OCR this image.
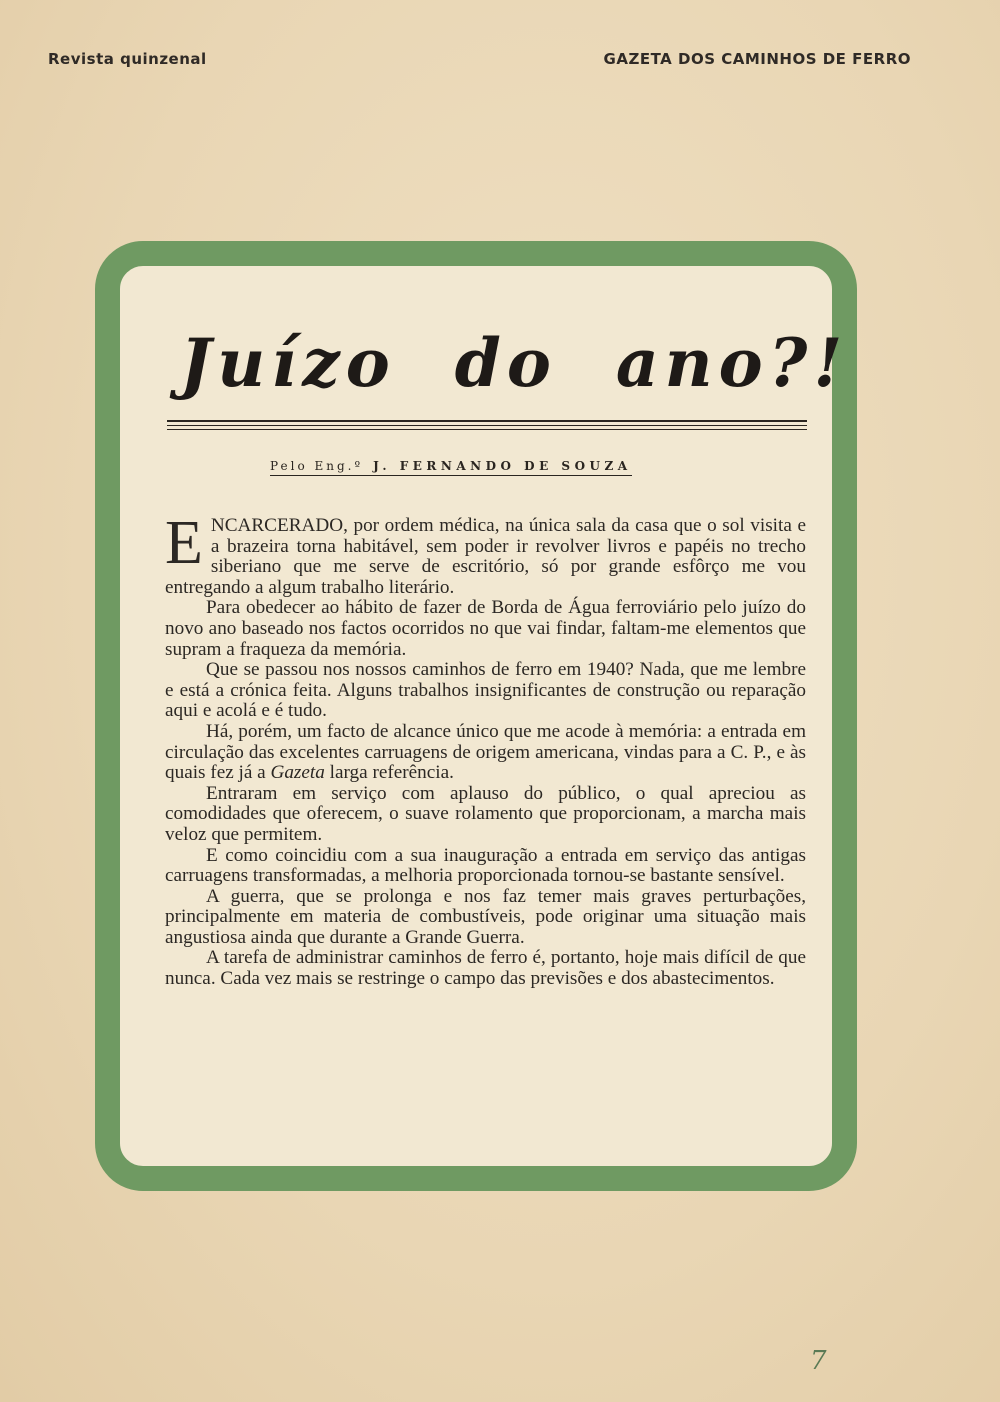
Revista quinzenal	GAZETA DOS CAMINHOS DE FERRO
Juízo do ano?!
Pelo Eng.º J. FERNANDO DE SOUZA

ENCARCERADO, por ordem médica, na única sala da casa que o sol visita e a brazeira torna habitável, sem poder ir revolver livros e papéis no trecho siberiano que me serve de escritório, só por grande esfôrço me vou entregando a algum trabalho literário.

Para obedecer ao hábito de fazer de Borda de Água ferroviário pelo juízo do novo ano baseado nos factos ocorridos no que vai findar, faltam-me elementos que supram a fraqueza da memória.

Que se passou nos nossos caminhos de ferro em 1940? Nada, que me lembre e está a crónica feita. Alguns trabalhos insignificantes de construção ou reparação aqui e acolá e é tudo.

Há, porém, um facto de alcance único que me acode à memória: a entrada em circulação das excelentes carruagens de origem americana, vindas para a C. P., e às quais fez já a Gazeta larga referência.

Entraram em serviço com aplauso do público, o qual apreciou as comodidades que oferecem, o suave rolamento que proporcionam, a marcha mais veloz que permitem.

E como coincidiu com a sua inauguração a entrada em serviço das antigas carruagens transformadas, a melhoria proporcionada tornou-se bastante sensível.

A guerra, que se prolonga e nos faz temer mais graves perturbações, principalmente em materia de combustíveis, pode originar uma situação mais angustiosa ainda que durante a Grande Guerra.

A tarefa de administrar caminhos de ferro é, portanto, hoje mais difícil de que nunca. Cada vez mais se restringe o campo das previsões e dos abastecimentos.

7
